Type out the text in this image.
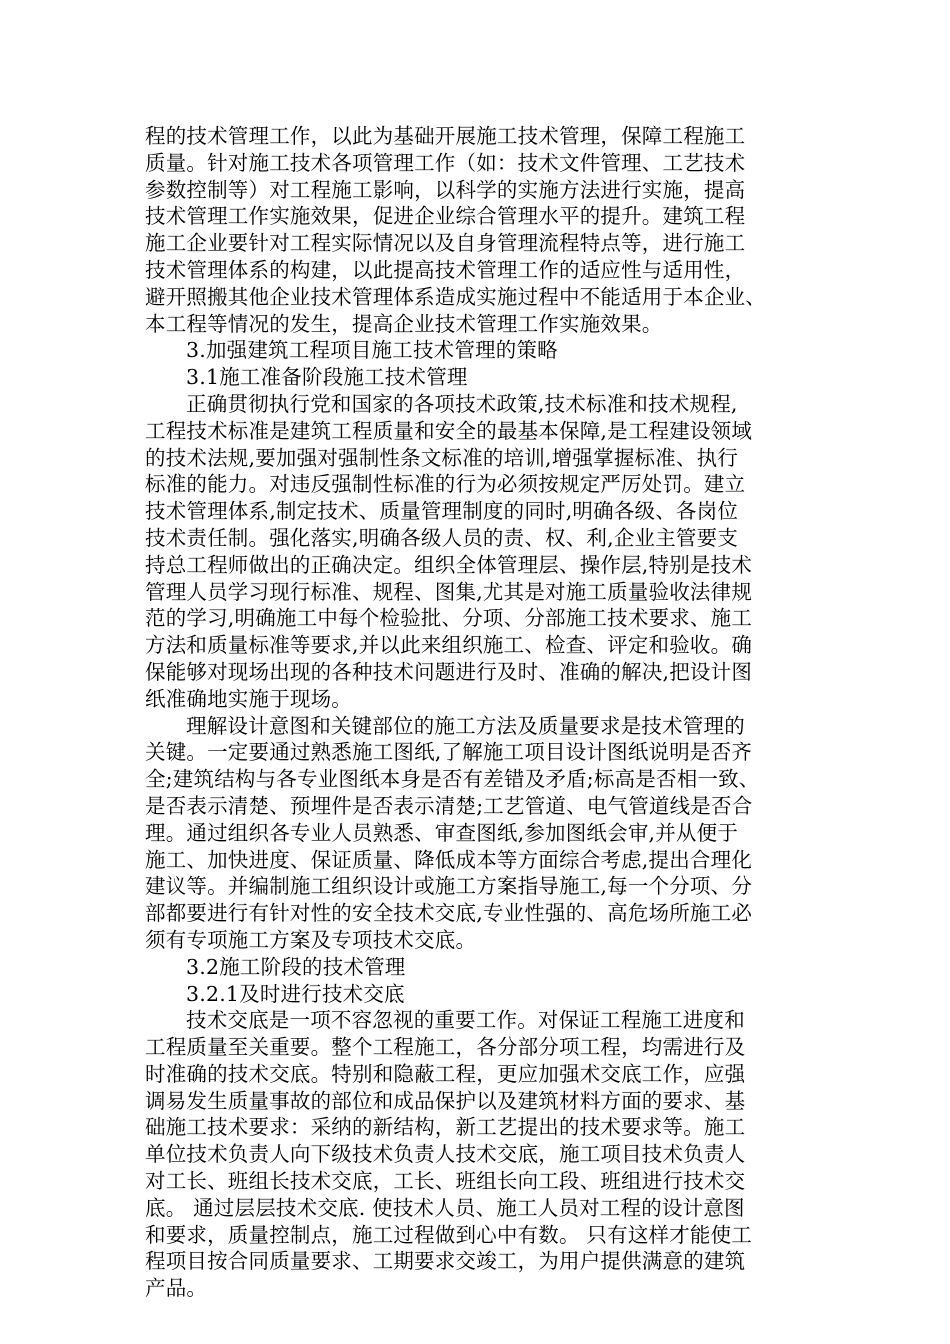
程的技术管理工作，以此为基础开展施工技术管理，保障工程施工
质量。针对施工技术各项管理工作（如：技术文件管理、工艺技术
参数控制等）对工程施工影响，以科学的实施方法进行实施，提高
技术管理工作实施效果，促进企业综合管理水平的提升。建筑工程
施工企业要针对工程实际情况以及自身管理流程特点等，进行施工
技术管理体系的构建，以此提高技术管理工作的适应性与适用性，
避开照搬其他企业技术管理体系造成实施过程中不能适用于本企业、
本工程等情况的发生，提高企业技术管理工作实施效果。
3.加强建筑工程项目施工技术管理的策略
3.1施工准备阶段施工技术管理
正确贯彻执行党和国家的各项技术政策,技术标准和技术规程,
工程技术标准是建筑工程质量和安全的最基本保障,是工程建设领域
的技术法规,要加强对强制性条文标准的培训,增强掌握标准、执行
标准的能力。对违反强制性标准的行为必须按规定严厉处罚。建立
技术管理体系,制定技术、质量管理制度的同时,明确各级、各岗位
技术责任制。强化落实,明确各级人员的责、权、利,企业主管要支
持总工程师做出的正确决定。组织全体管理层、操作层,特别是技术
管理人员学习现行标准、规程、图集,尤其是对施工质量验收法律规
范的学习,明确施工中每个检验批、分项、分部施工技术要求、施工
方法和质量标准等要求,并以此来组织施工、检查、评定和验收。确
保能够对现场出现的各种技术问题进行及时、准确的解决,把设计图
纸准确地实施于现场。
理解设计意图和关键部位的施工方法及质量要求是技术管理的
关键。一定要通过熟悉施工图纸,了解施工项目设计图纸说明是否齐
全;建筑结构与各专业图纸本身是否有差错及矛盾;标高是否相一致、
是否表示清楚、预埋件是否表示清楚;工艺管道、电气管道线是否合
理。通过组织各专业人员熟悉、审查图纸,参加图纸会审,并从便于
施工、加快进度、保证质量、降低成本等方面综合考虑,提出合理化
建议等。并编制施工组织设计或施工方案指导施工,每一个分项、分
部都要进行有针对性的安全技术交底,专业性强的、高危场所施工必
须有专项施工方案及专项技术交底。
3.2施工阶段的技术管理
3.2.1及时进行技术交底
技术交底是一项不容忽视的重要工作。对保证工程施工进度和
工程质量至关重要。整个工程施工，各分部分项工程，均需进行及
时准确的技术交底。特别和隐蔽工程，更应加强术交底工作，应强
调易发生质量事故的部位和成品保护以及建筑材料方面的要求、基
础施工技术要求：采纳的新结构，新工艺提出的技术要求等。施工
单位技术负责人向下级技术负责人技术交底，施工项目技术负责人
对工长、班组长技术交底，工长、班组长向工段、班组进行技术交
底。 通过层层技术交底. 使技术人员、施工人员对工程的设计意图
和要求，质量控制点，施工过程做到心中有数。 只有这样才能使工
程项目按合同质量要求、工期要求交竣工，为用户提供满意的建筑
产品。
